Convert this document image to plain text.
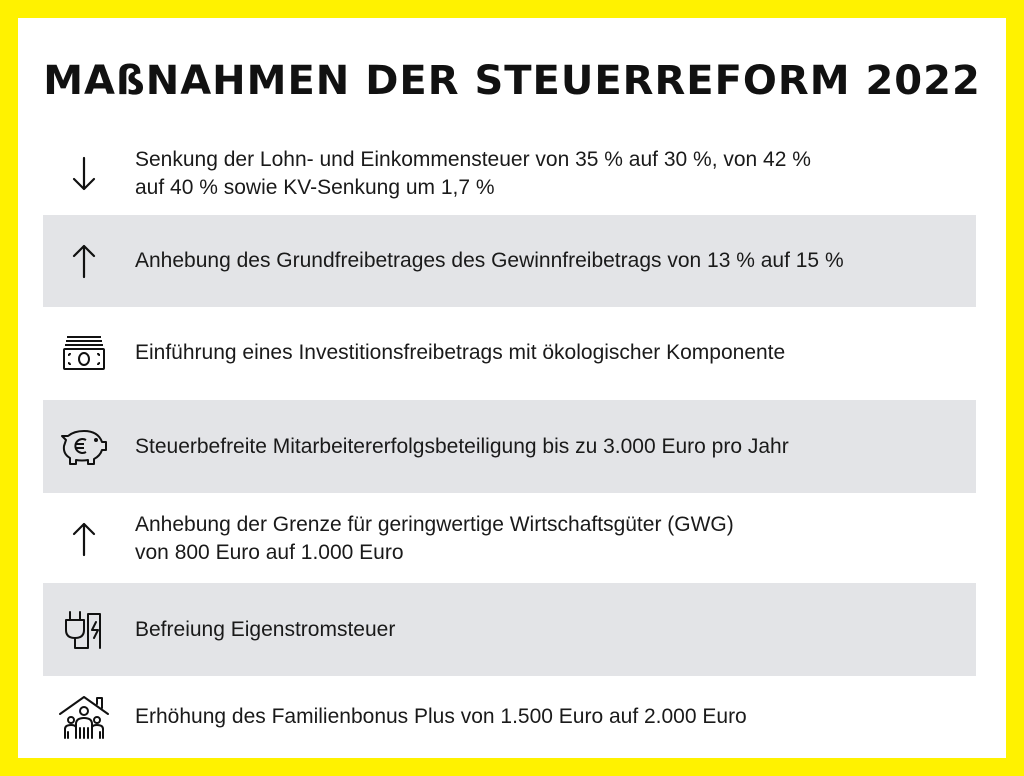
MAßNAHMEN DER STEUERREFORM 2022
Senkung der Lohn- und Einkommensteuer von 35 % auf 30 %, von 42 %
auf 40 % sowie KV-Senkung um 1,7 %
Anhebung des Grundfreibetrages des Gewinnfreibetrags von 13 % auf 15 %
Einführung eines Investitionsfreibetrags mit ökologischer Komponente
Steuerbefreite Mitarbeitererfolgsbeteiligung bis zu 3.000 Euro pro Jahr
Anhebung der Grenze für geringwertige Wirtschaftsgüter (GWG)
von 800 Euro auf 1.000 Euro
Befreiung Eigenstromsteuer
Erhöhung des Familienbonus Plus von 1.500 Euro auf 2.000 Euro
